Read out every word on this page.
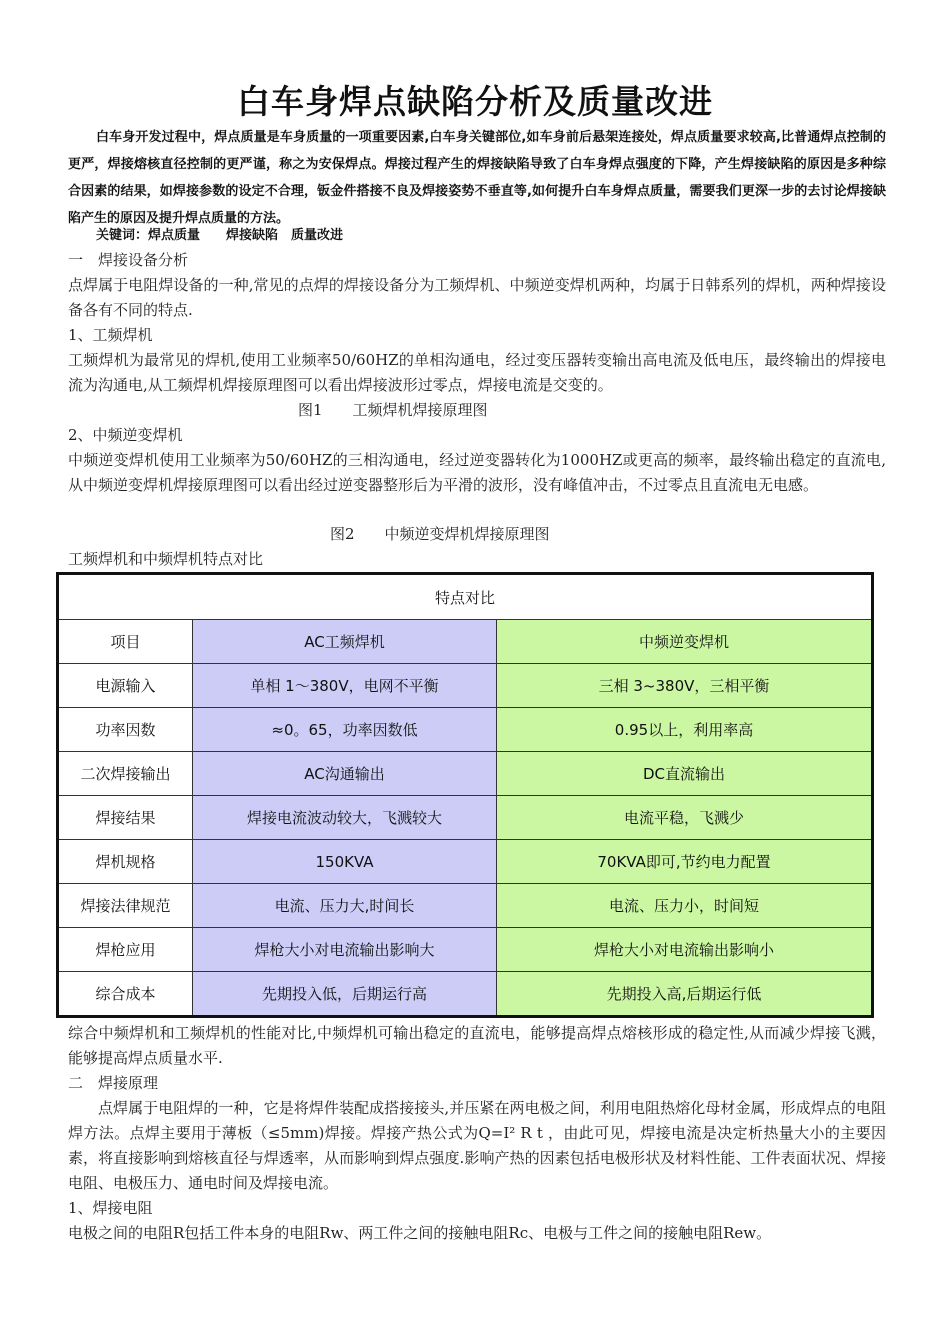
白车身焊点缺陷分析及质量改进
白车身开发过程中，焊点质量是车身质量的一项重要因素,白车身关键部位,如车身前后悬架连接处，焊点质量要求较高,比普通焊点控制的更严，焊接熔核直径控制的更严谨，称之为安保焊点。焊接过程产生的焊接缺陷导致了白车身焊点强度的下降，产生焊接缺陷的原因是多种综合因素的结果，如焊接参数的设定不合理，钣金件搭接不良及焊接姿势不垂直等,如何提升白车身焊点质量，需要我们更深一步的去讨论焊接缺陷产生的原因及提升焊点质量的方法。
关键词：焊点质量　　焊接缺陷　质量改进
一　焊接设备分析
点焊属于电阻焊设备的一种,常见的点焊的焊接设备分为工频焊机、中频逆变焊机两种，均属于日韩系列的焊机，两种焊接设备各有不同的特点.
1、工频焊机
工频焊机为最常见的焊机,使用工业频率50/60HZ的单相沟通电，经过变压器转变输出高电流及低电压，最终输出的焊接电流为沟通电,从工频焊机焊接原理图可以看出焊接波形过零点，焊接电流是交变的。
图1　　工频焊机焊接原理图
2、中频逆变焊机
中频逆变焊机使用工业频率为50/60HZ的三相沟通电，经过逆变器转化为1000HZ或更高的频率，最终输出稳定的直流电,从中频逆变焊机焊接原理图可以看出经过逆变器整形后为平滑的波形，没有峰值冲击，不过零点且直流电无电感。
图2　　中频逆变焊机焊接原理图
工频焊机和中频焊机特点对比
特点对比		
项目	AC工频焊机	中频逆变焊机
电源输入	单相 1～380V，电网不平衡	三相 3~380V，三相平衡
功率因数	≈0。65，功率因数低	0.95以上，利用率高
二次焊接输出	AC沟通输出	DC直流输出
焊接结果	焊接电流波动较大，飞溅较大	电流平稳，飞溅少
焊机规格	150KVA	70KVA即可,节约电力配置
焊接法律规范	电流、压力大,时间长	电流、压力小，时间短
焊枪应用	焊枪大小对电流输出影响大	焊枪大小对电流输出影响小
综合成本	先期投入低，后期运行高	先期投入高,后期运行低
综合中频焊机和工频焊机的性能对比,中频焊机可输出稳定的直流电，能够提高焊点熔核形成的稳定性,从而减少焊接飞溅，能够提高焊点质量水平.
二　焊接原理
点焊属于电阻焊的一种，它是将焊件装配成搭接接头,并压紧在两电极之间，利用电阻热熔化母材金属，形成焊点的电阻焊方法。点焊主要用于薄板（≤5mm)焊接。焊接产热公式为Q=I² R t ，由此可见，焊接电流是决定析热量大小的主要因素，将直接影响到熔核直径与焊透率，从而影响到焊点强度.影响产热的因素包括电极形状及材料性能、工件表面状况、焊接电阻、电极压力、通电时间及焊接电流。
1、焊接电阻
电极之间的电阻R包括工件本身的电阻Rw、两工件之间的接触电阻Rc、电极与工件之间的接触电阻Rew。
